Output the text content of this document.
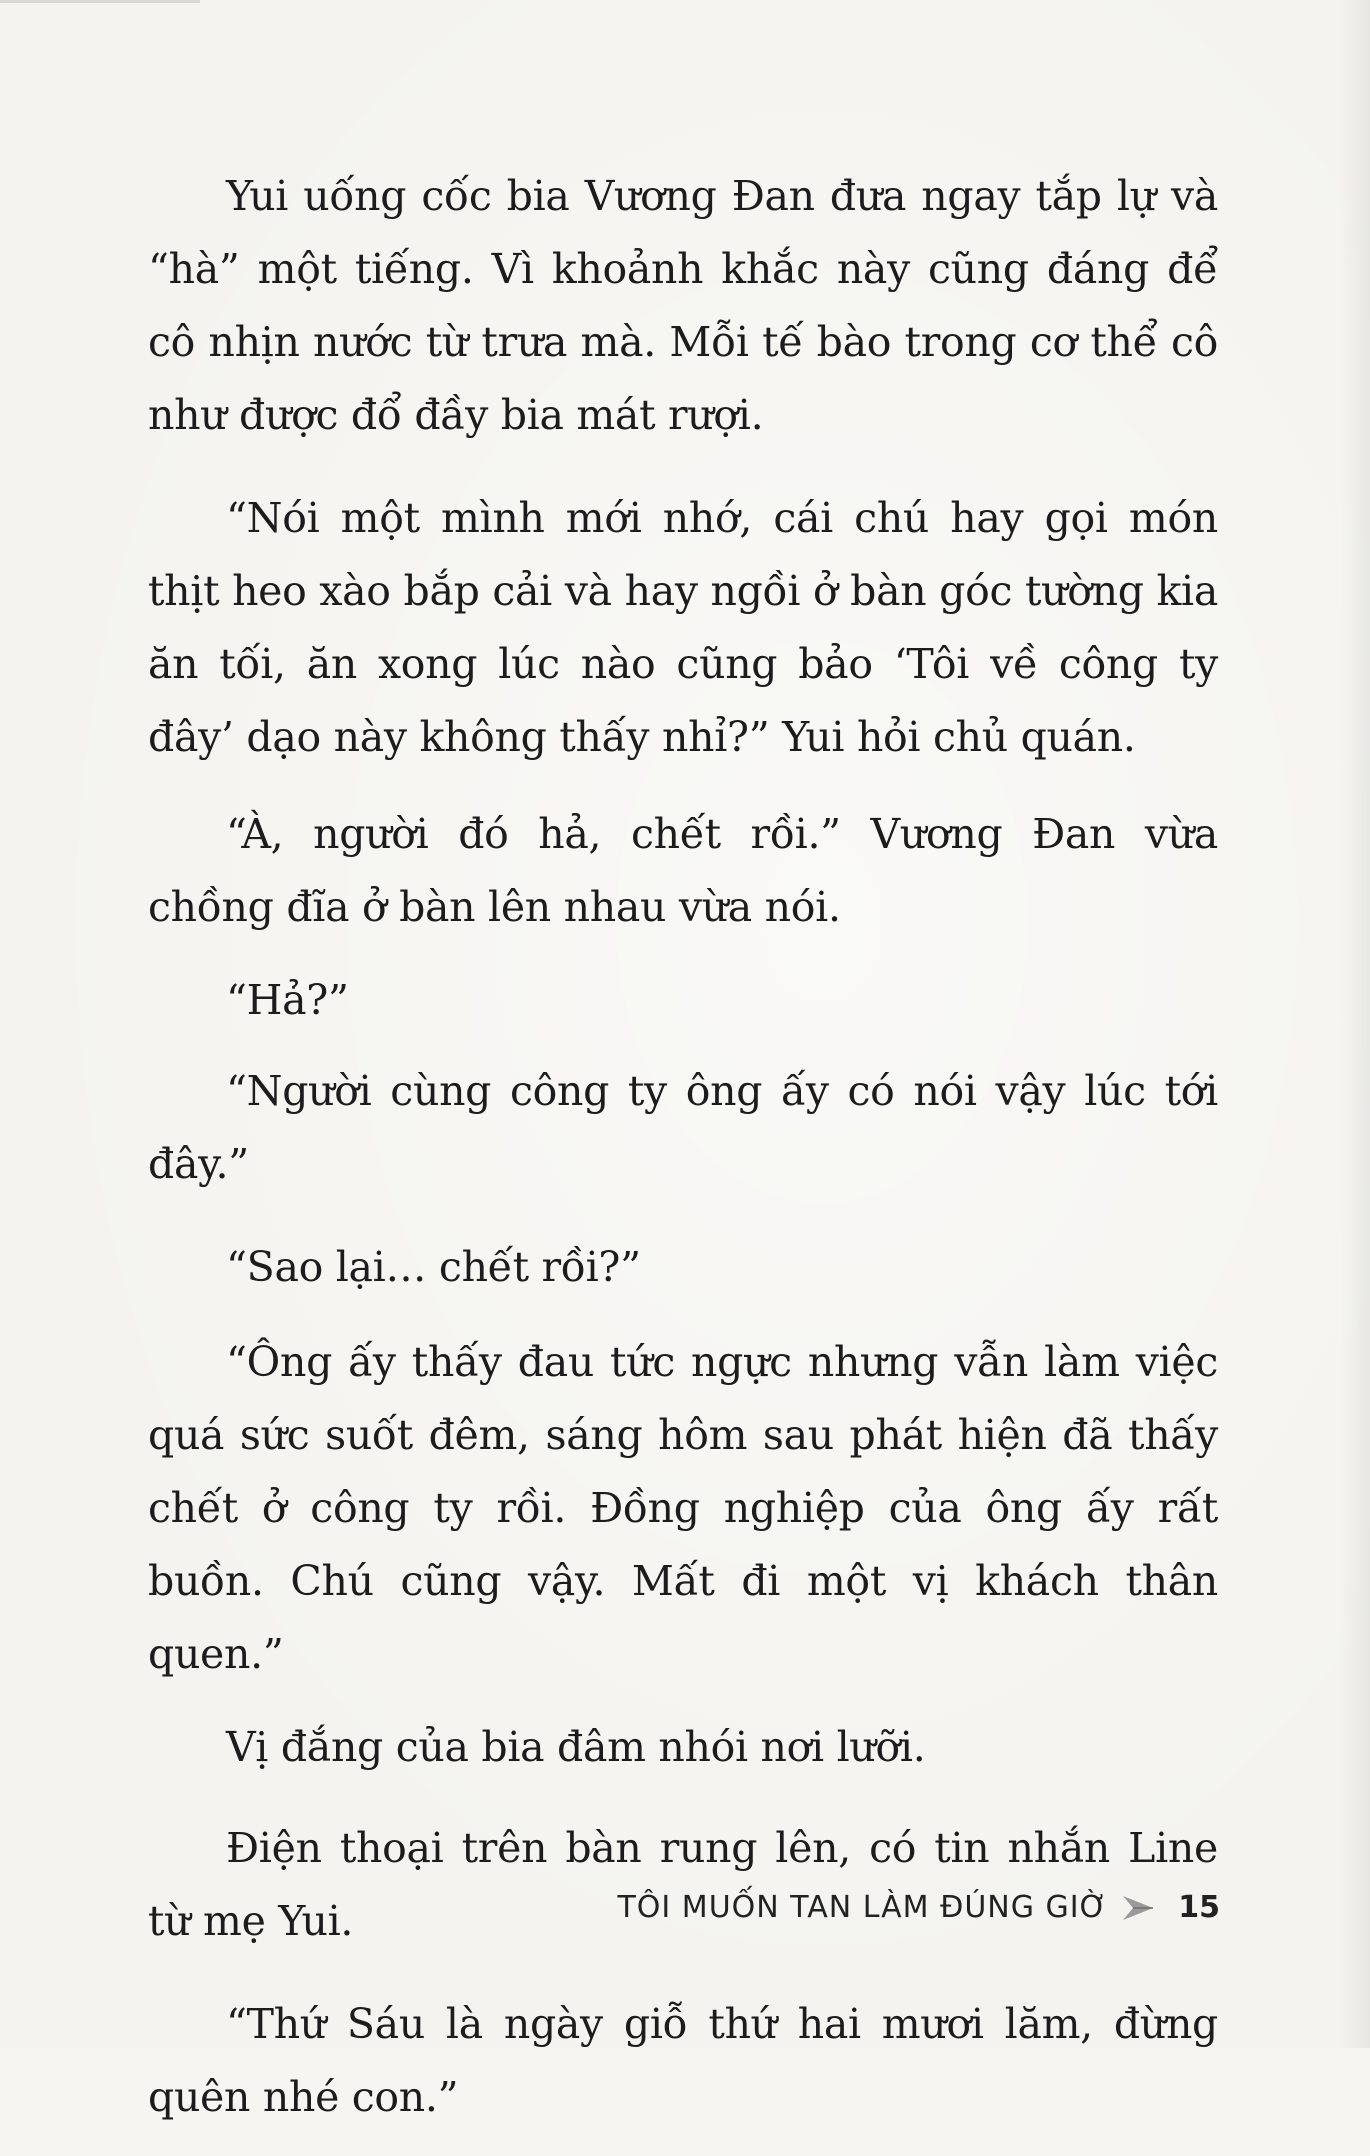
Yui uống cốc bia Vương Đan đưa ngay tắp lự và “hà” một tiếng. Vì khoảnh khắc này cũng đáng để cô nhịn nước từ trưa mà. Mỗi tế bào trong cơ thể cô như được đổ đầy bia mát rượi.

“Nói một mình mới nhớ, cái chú hay gọi món thịt heo xào bắp cải và hay ngồi ở bàn góc tường kia ăn tối, ăn xong lúc nào cũng bảo ‘Tôi về công ty đây’ dạo này không thấy nhỉ?” Yui hỏi chủ quán.

“À, người đó hả, chết rồi.” Vương Đan vừa chồng đĩa ở bàn lên nhau vừa nói.

“Hả?”

“Người cùng công ty ông ấy có nói vậy lúc tới đây.”

“Sao lại… chết rồi?”

“Ông ấy thấy đau tức ngực nhưng vẫn làm việc quá sức suốt đêm, sáng hôm sau phát hiện đã thấy chết ở công ty rồi. Đồng nghiệp của ông ấy rất buồn. Chú cũng vậy. Mất đi một vị khách thân quen.”

Vị đắng của bia đâm nhói nơi lưỡi.

Điện thoại trên bàn rung lên, có tin nhắn Line từ mẹ Yui.

“Thứ Sáu là ngày giỗ thứ hai mươi lăm, đừng quên nhé con.”

TÔI MUỐN TAN LÀM ĐÚNG GIỜ 15
